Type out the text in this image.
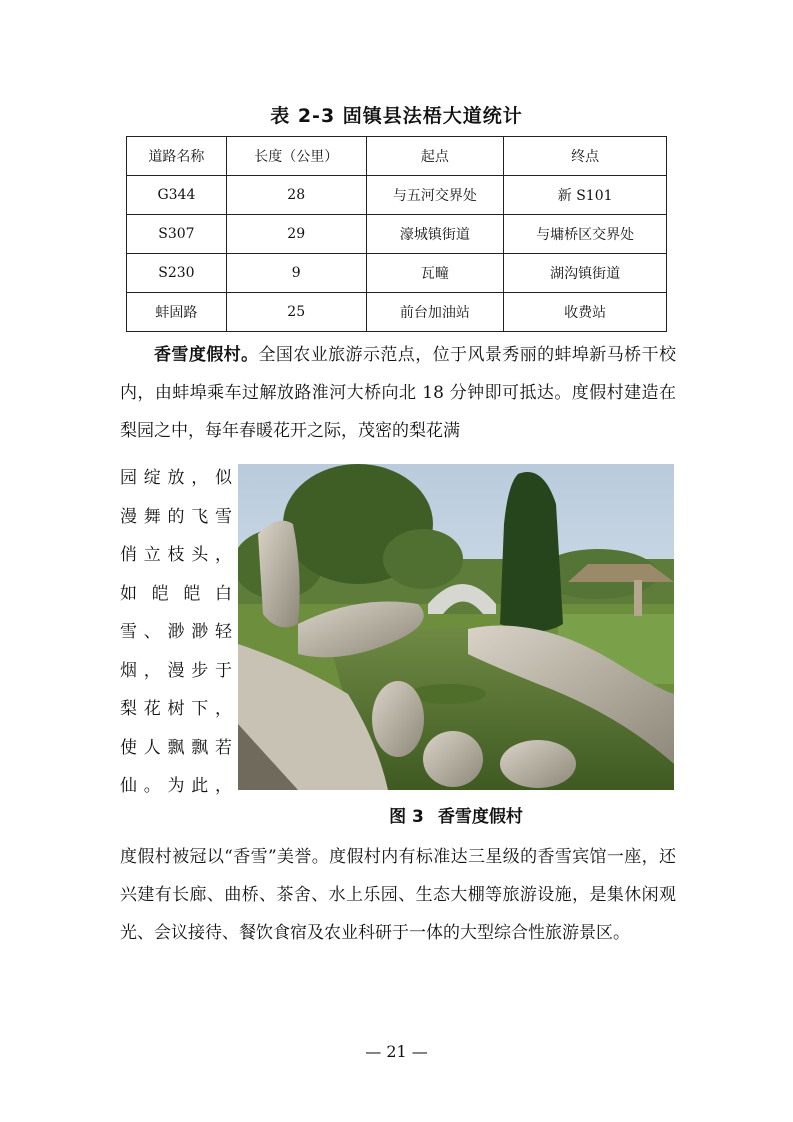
表 2-3 固镇县法梧大道统计
道路名称	长度（公里）	起点	终点
G344	28	与五河交界处	新 S101
S307	29	濠城镇街道	与墉桥区交界处
S230	9	瓦疃	湖沟镇街道
蚌固路	25	前台加油站	收费站
香雪度假村。全国农业旅游示范点，位于风景秀丽的蚌埠新马桥干校内，由蚌埠乘车过解放路淮河大桥向北 18 分钟即可抵达。度假村建造在梨园之中，每年春暖花开之际，茂密的梨花满
园绽放，似
漫舞的飞雪
俏立枝头，
如皑皑白
雪、渺渺轻
烟，漫步于
梨花树下，
使人飘飘若
仙。为此，
图 3 香雪度假村
度假村被冠以“香雪”美誉。度假村内有标准达三星级的香雪宾馆一座，还兴建有长廊、曲桥、茶舍、水上乐园、生态大棚等旅游设施，是集休闲观光、会议接待、餐饮食宿及农业科研于一体的大型综合性旅游景区。
— 21 —
